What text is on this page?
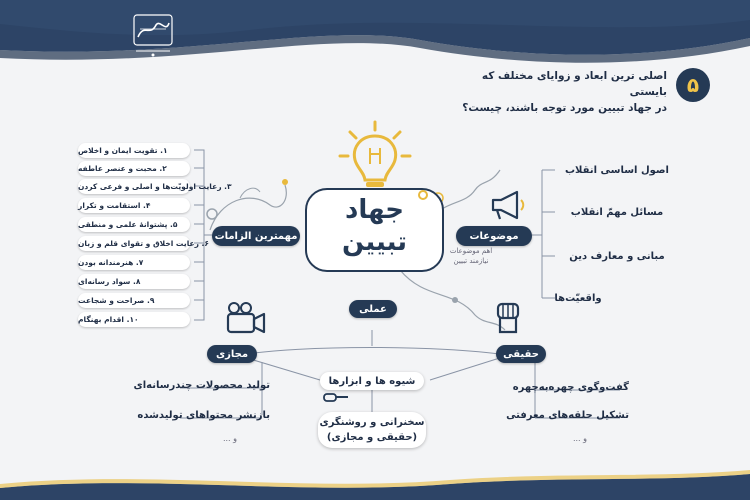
اصلی ترین ابعاد و زوایای مختلف که بایستی
در جهاد تبیین مورد توجه باشند، چیست؟
۵
جهاد
تبیین	اهم موضوعات
نیازمند تبیین
مهمترین الزامات
۱. تقویت ایمان و اخلاص
۲. محبت و عنصر عاطفه
۳. رعایت اولویّت‌ها و اصلی و فرعی کردن
۴. استقامت و تکرار
۵. پشتوانهٔ علمی و منطقی
۶. رعایت اخلاق و تقوای قلم و زبان
۷. هنرمندانه بودن
۸. سواد رسانه‌ای
۹. صراحت و شجاعت
۱۰. اقدام بهنگام
موضوعات
اصول اساسی انقلاب
مسائل مهمّ انقلاب
مبانی و معارف دین
واقعیّت‌ها
عملی
مجازی	حقیقی
شیوه ها و ابزارها
تولید محصولات چندرسانه‌ای
بازنشر محتواهای تولیدشده
و ...
گفت‌وگوی چهره‌به‌چهره
تشکیل حلقه‌های معرفتی
و ...
سخنرانی و روشنگری
(حقیقی و مجازی)
